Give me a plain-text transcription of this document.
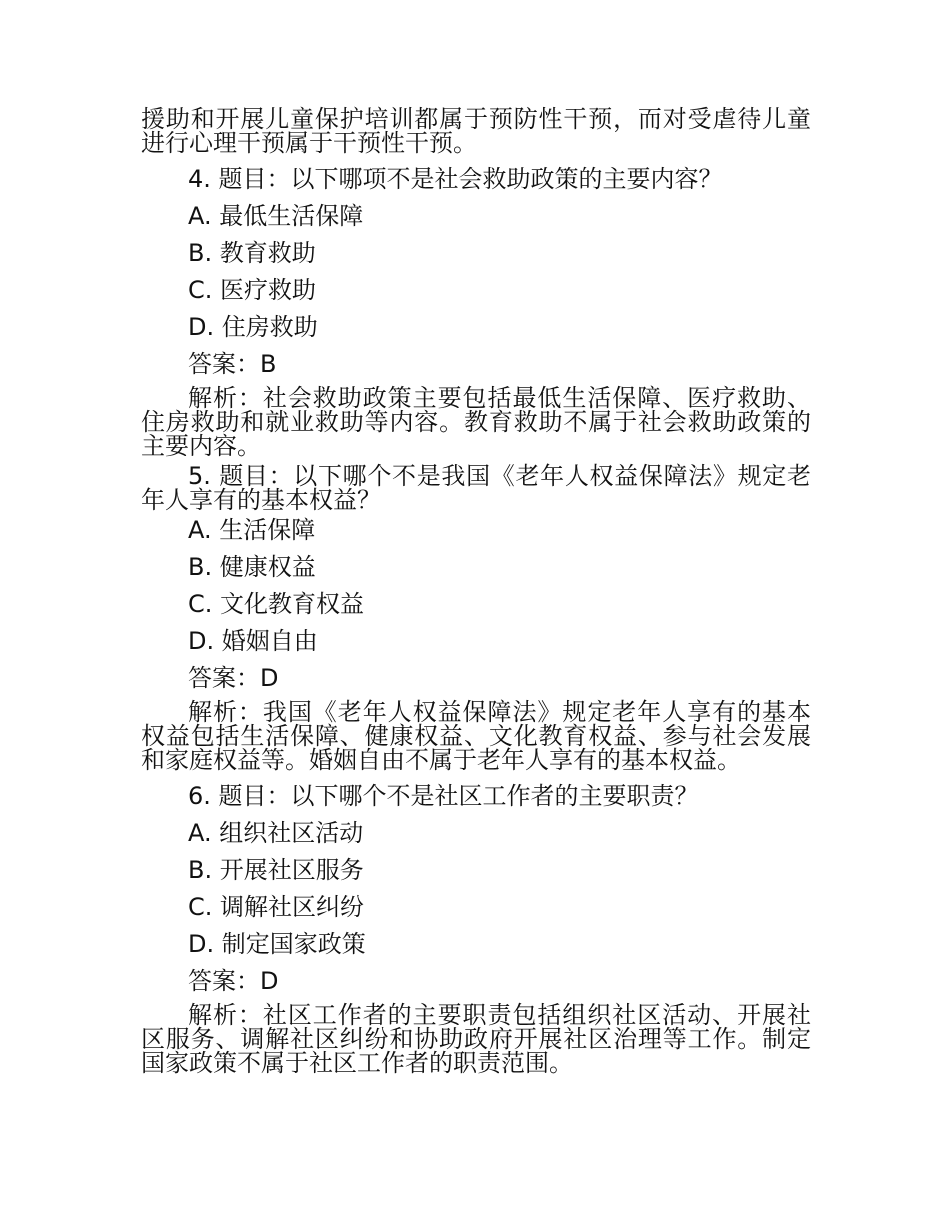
援助和开展儿童保护培训都属于预防性干预，而对受虐待儿童进行心理干预属于干预性干预。

4. 题目：以下哪项不是社会救助政策的主要内容？

A. 最低生活保障

B. 教育救助

C. 医疗救助

D. 住房救助

答案：B

解析：社会救助政策主要包括最低生活保障、医疗救助、住房救助和就业救助等内容。教育救助不属于社会救助政策的主要内容。

5. 题目：以下哪个不是我国《老年人权益保障法》规定老年人享有的基本权益？

A. 生活保障

B. 健康权益

C. 文化教育权益

D. 婚姻自由

答案：D

解析：我国《老年人权益保障法》规定老年人享有的基本权益包括生活保障、健康权益、文化教育权益、参与社会发展和家庭权益等。婚姻自由不属于老年人享有的基本权益。

6. 题目：以下哪个不是社区工作者的主要职责？

A. 组织社区活动

B. 开展社区服务

C. 调解社区纠纷

D. 制定国家政策

答案：D

解析：社区工作者的主要职责包括组织社区活动、开展社区服务、调解社区纠纷和协助政府开展社区治理等工作。制定国家政策不属于社区工作者的职责范围。
